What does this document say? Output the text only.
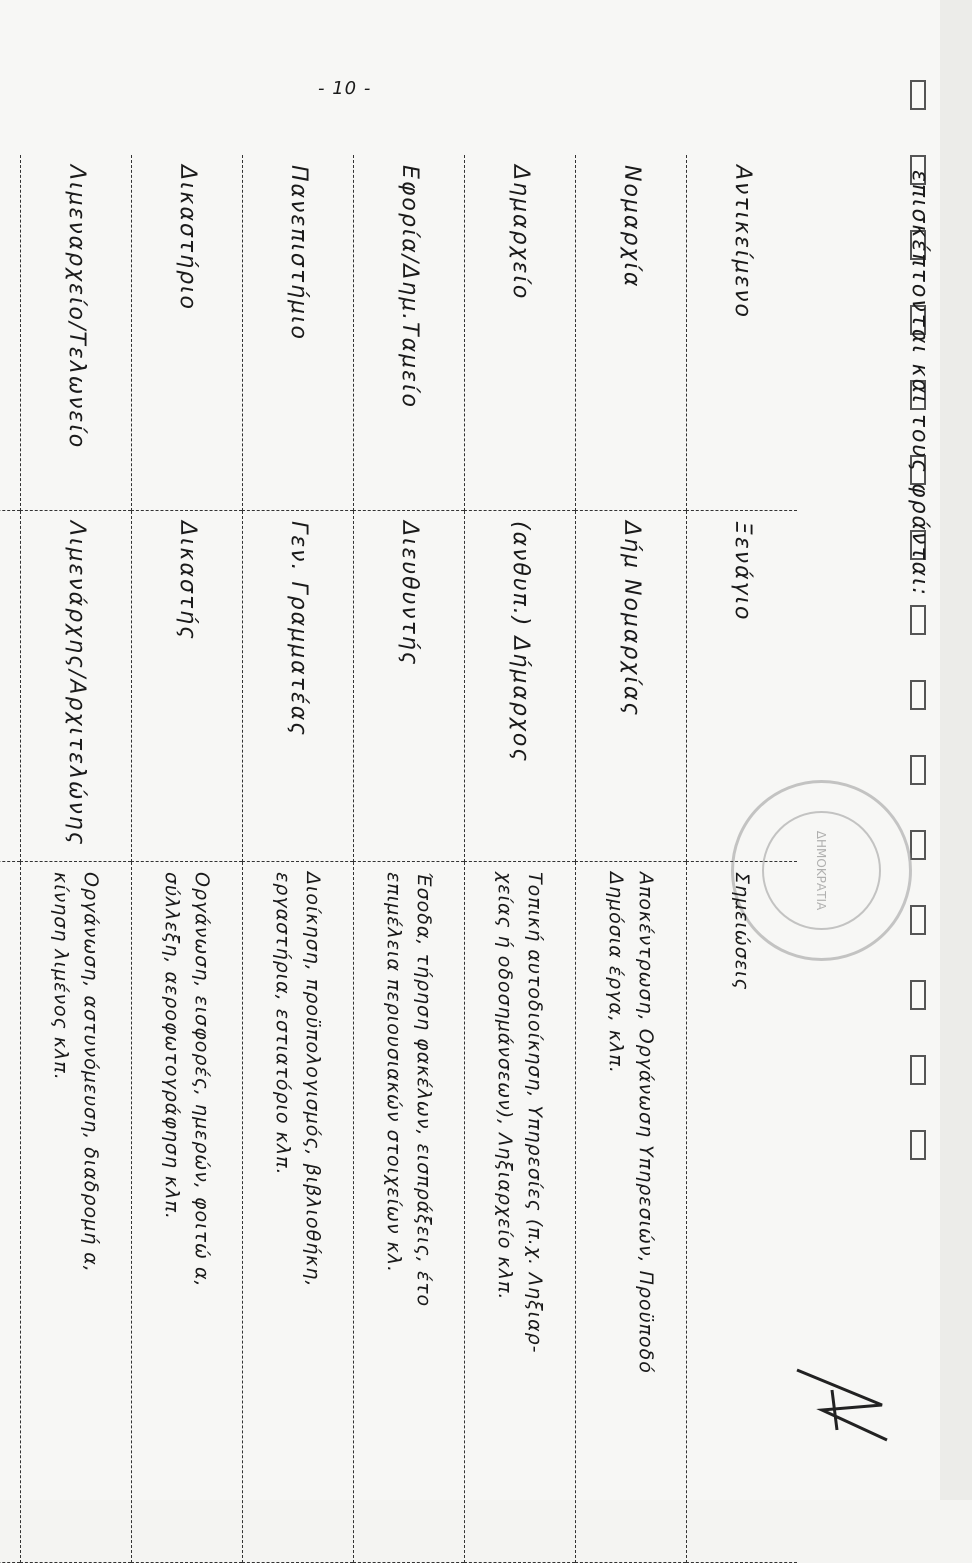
- 10 -
επισκέπτονται και τους φράνται:
ΔΗΜΟΚΡΑΤΙΑ
Αντικείμενο	Ξενάγιο	Σημειώσεις
Νομαρχία	Δήμ Νομαρχίας	Αποκέντρωση, Οργάνωση Υπηρεσιών, Προϋποδό
Δημόσια έργα, κλπ.

Δημαρχείο	(ανθυπ.) Δήμαρχος	Τοπική αυτοδιοίκηση, Υπηρεσίες (π.χ. Ληξιαρ-
χείας ή οδοσημάνσεων), Ληξιαρχείο κλπ.

Εφορία/Δημ.Ταμείο	Διευθυντής	Έσοδα, τήρηση φακέλων, εισπράξεις, έτο
επιμέλεια περιουσιακών στοιχείων κλ.

Πανεπιστήμιο	Γεν. Γραμματέας	Διοίκηση, προϋπολογισμός, βιβλιοθήκη,
εργαστήρια, εστιατόριο κλπ.

Δικαστήριο	Δικαστής	Οργάνωση, εισφορές, ημερών, φοιτώ α,
σύλλεξη, αεροφωτογράφηση κλπ.

Λιμεναρχείο/Τελωνείο	Λιμενάρχης/Αρχιτελώνης	Οργάνωση, αστυνόμευση, διαδρομή α,
κίνηση λιμένος κλπ.
